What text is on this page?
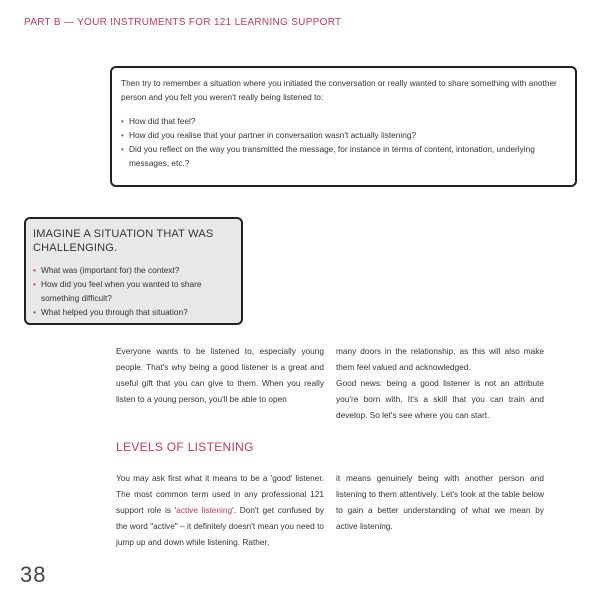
PART B — YOUR INSTRUMENTS FOR 121 LEARNING SUPPORT

Then try to remember a situation where you initiated the conversation or really wanted to share something with another person and you felt you weren't really being listened to:

• How did that feel?
• How did you realise that your partner in conversation wasn't actually listening?
• Did you reflect on the way you transmitted the message, for instance in terms of content, intonation, underlying messages, etc.?
IMAGINE A SITUATION THAT WAS CHALLENGING.
• What was (important for) the context?
• How did you feel when you wanted to share something difficult?
• What helped you through that situation?

Everyone wants to be listened to, especially young people. That's why being a good listener is a great and useful gift that you can give to them. When you really listen to a young person, you'll be able to open

many doors in the relationship, as this will also make them feel valued and acknowledged.

Good news: being a good listener is not an attribute you're born with. It's a skill that you can train and develop. So let's see where you can start.

LEVELS OF LISTENING

You may ask first what it means to be a 'good' listener. The most common term used in any professional 121 support role is 'active listening'. Don't get confused by the word "active" – it definitely doesn't mean you need to jump up and down while listening. Rather,

it means genuinely being with another person and listening to them attentively. Let's look at the table below to gain a better understanding of what we mean by active listening.

38
